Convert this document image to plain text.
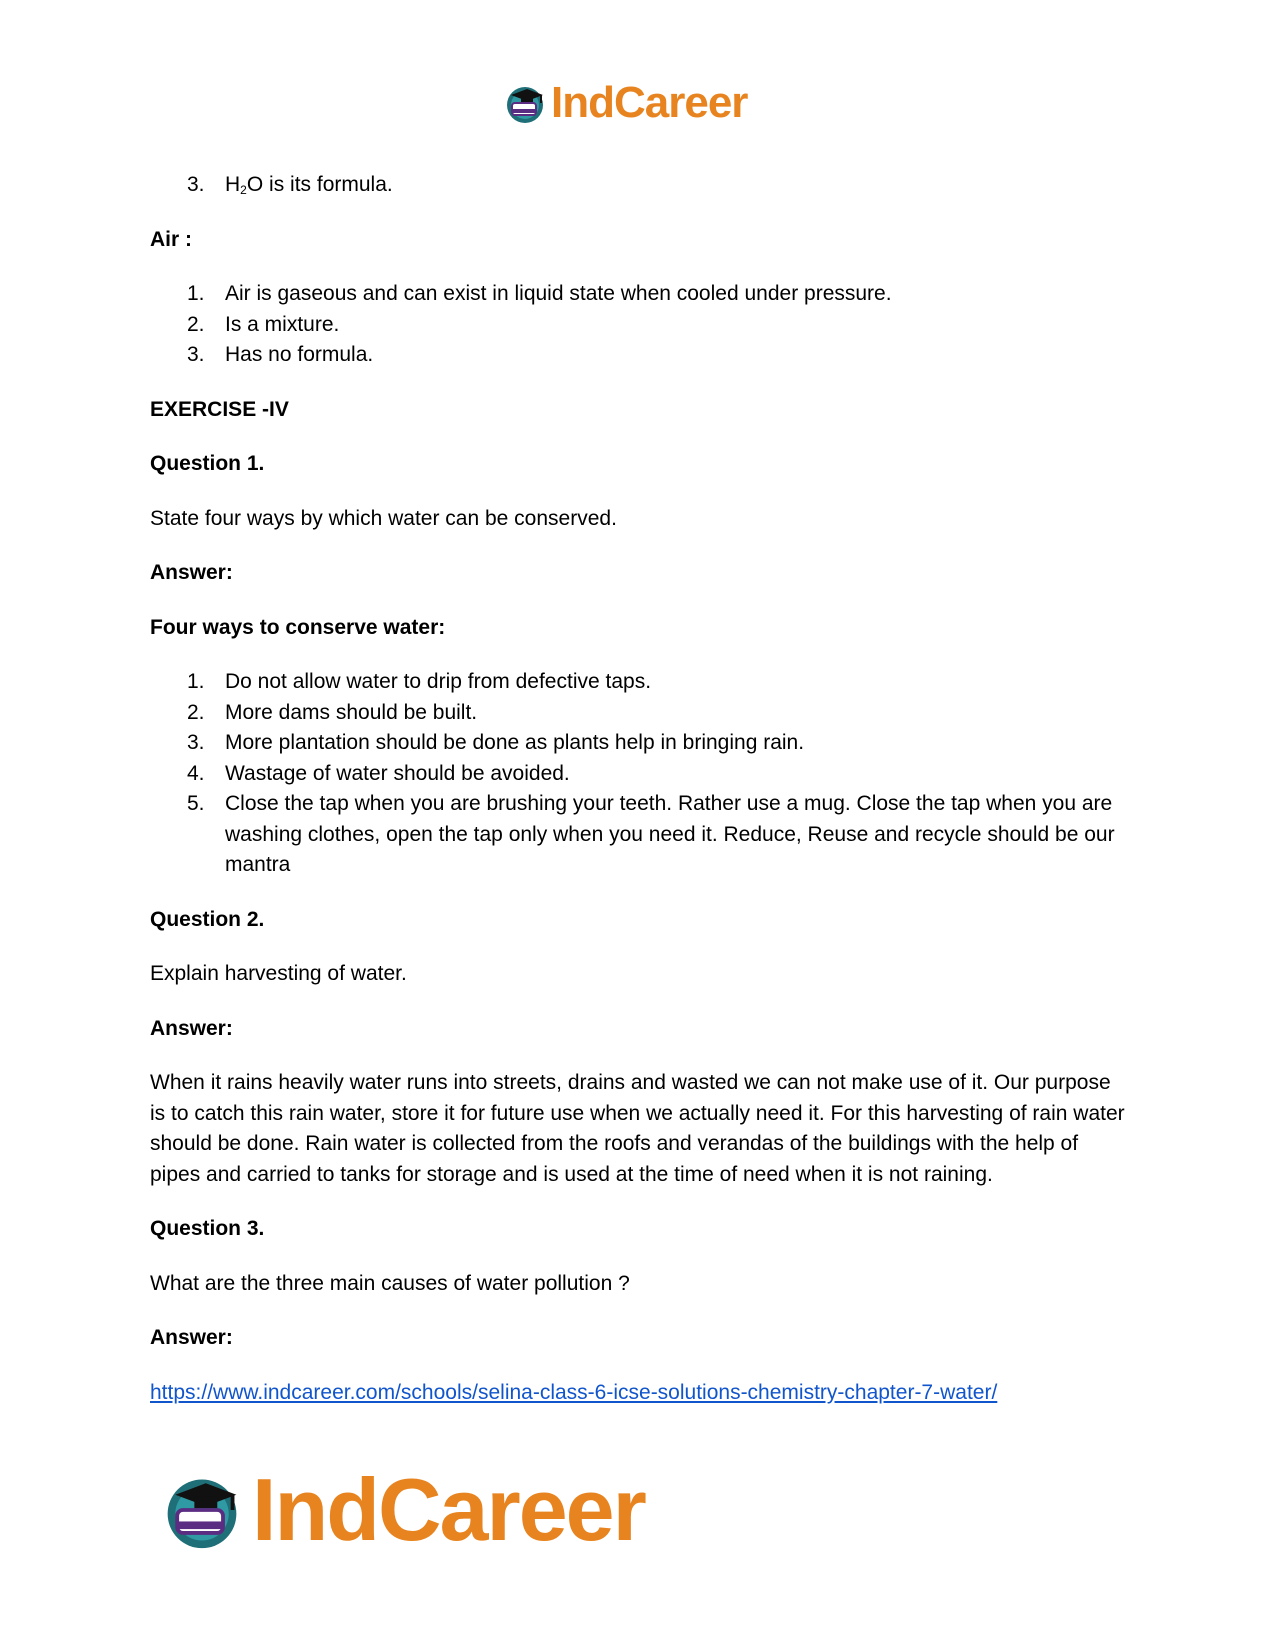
IndCareer
3. $H_2O$ is its formula.

Air :

1. Air is gaseous and can exist in liquid state when cooled under pressure.
2. Is a mixture.
3. Has no formula.

EXERCISE -IV

Question 1.

State four ways by which water can be conserved.

Answer:

Four ways to conserve water:

1. Do not allow water to drip from defective taps.
2. More dams should be built.
3. More plantation should be done as plants help in bringing rain.
4. Wastage of water should be avoided.
5. Close the tap when you are brushing your teeth. Rather use a mug. Close the tap when you are washing clothes, open the tap only when you need it. Reduce, Reuse and recycle should be our mantra

Question 2.

Explain harvesting of water.

Answer:

When it rains heavily water runs into streets, drains and wasted we can not make use of it. Our purpose is to catch this rain water, store it for future use when we actually need it. For this harvesting of rain water should be done. Rain water is collected from the roofs and verandas of the buildings with the help of pipes and carried to tanks for storage and is used at the time of need when it is not raining.

Question 3.

What are the three main causes of water pollution ?

Answer:

https://www.indcareer.com/schools/selina-class-6-icse-solutions-chemistry-chapter-7-water/
IndCareer
